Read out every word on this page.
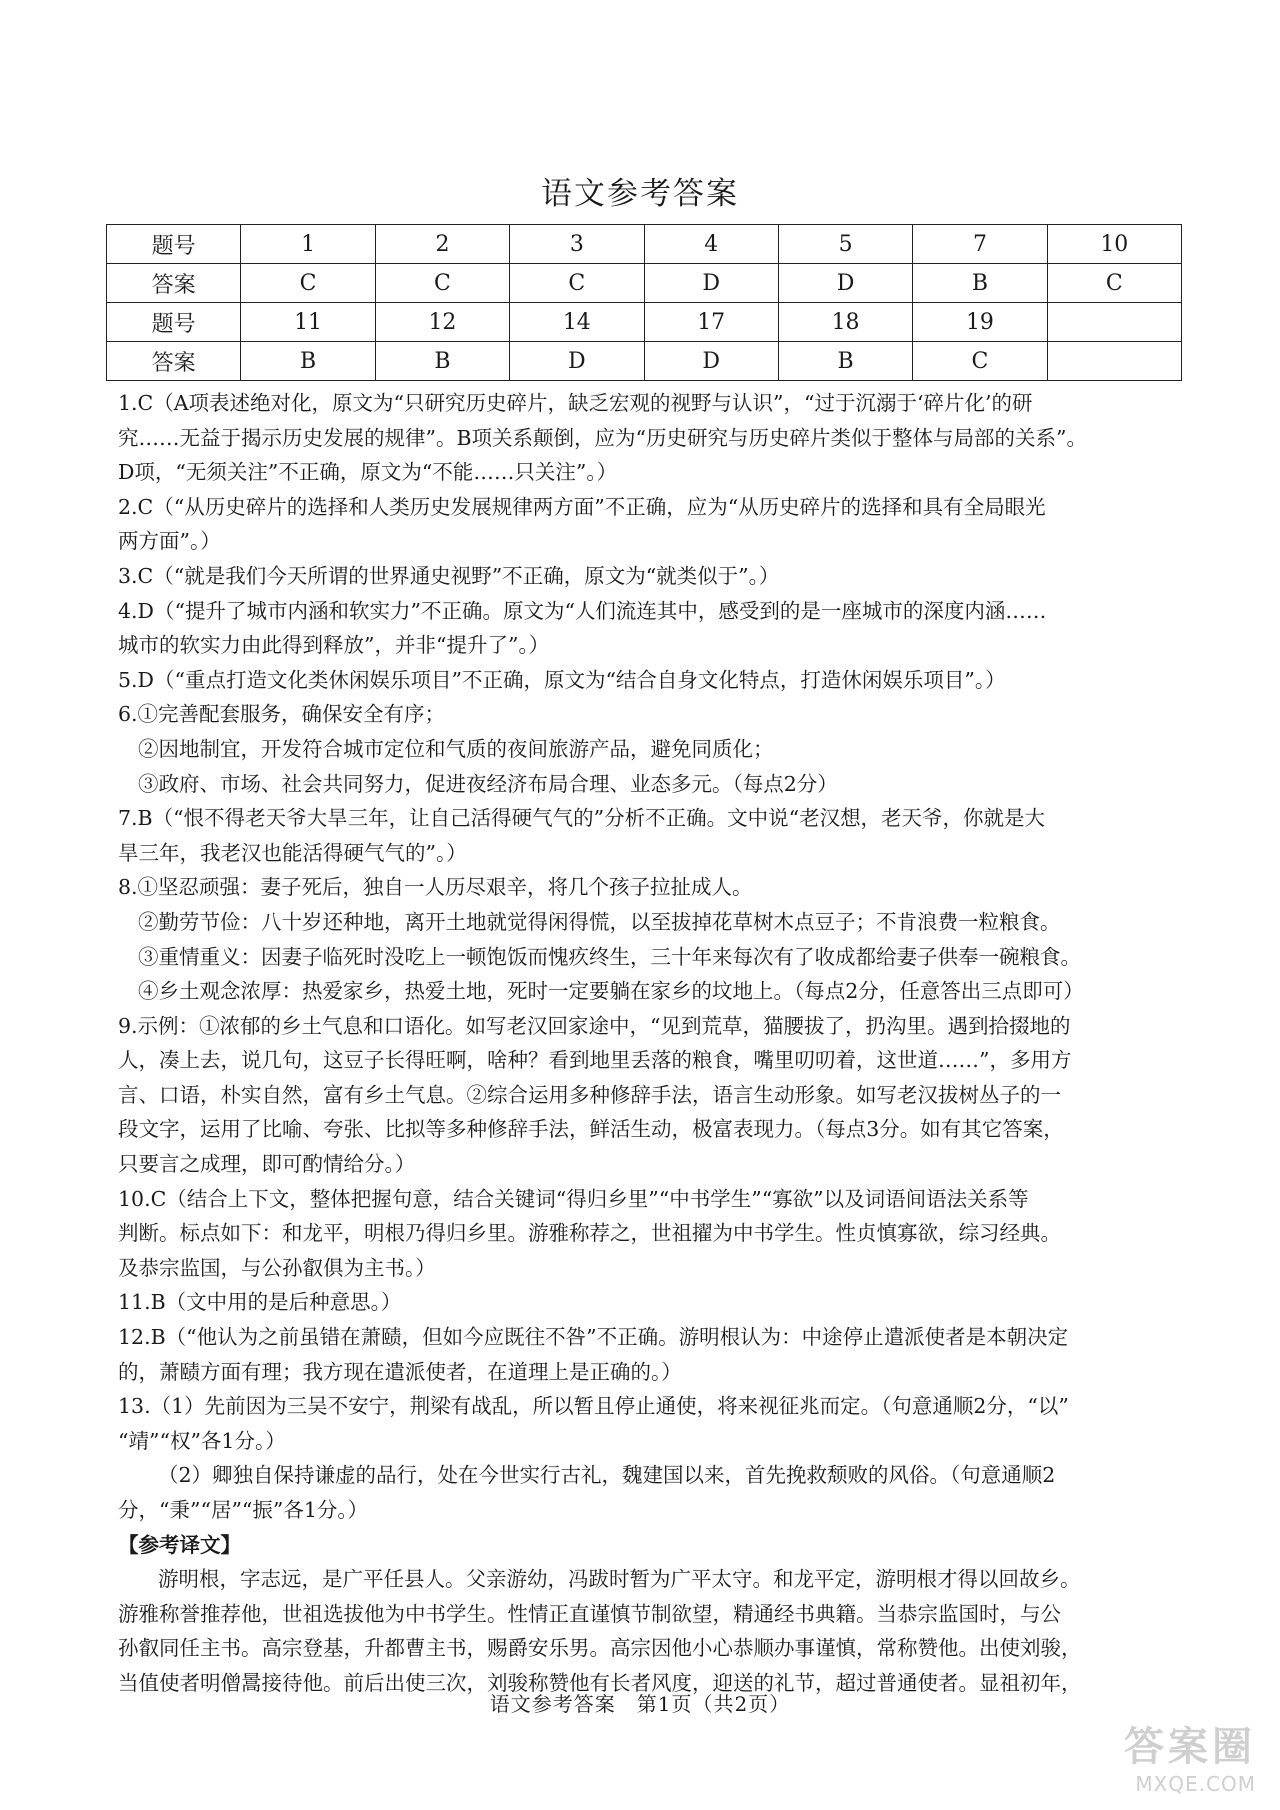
语文参考答案
题号	1	2	3	4	5	7	10
答案	C	C	C	D	D	B	C
题号	11	12	14	17	18	19	
答案	B	B	D	D	B	C	

1.C（A项表述绝对化，原文为“只研究历史碎片，缺乏宏观的视野与认识”，“过于沉溺于‘碎片化’的研

究……无益于揭示历史发展的规律”。B项关系颠倒，应为“历史研究与历史碎片类似于整体与局部的关系”。

D项，“无须关注”不正确，原文为“不能……只关注”。）

2.C（“从历史碎片的选择和人类历史发展规律两方面”不正确，应为“从历史碎片的选择和具有全局眼光

两方面”。）

3.C（“就是我们今天所谓的世界通史视野”不正确，原文为“就类似于”。）

4.D（“提升了城市内涵和软实力”不正确。原文为“人们流连其中，感受到的是一座城市的深度内涵……

城市的软实力由此得到释放”，并非“提升了”。）

5.D（“重点打造文化类休闲娱乐项目”不正确，原文为“结合自身文化特点，打造休闲娱乐项目”。）

6.①完善配套服务，确保安全有序；

②因地制宜，开发符合城市定位和气质的夜间旅游产品，避免同质化；

③政府、市场、社会共同努力，促进夜经济布局合理、业态多元。（每点2分）

7.B（“恨不得老天爷大旱三年，让自己活得硬气气的”分析不正确。文中说“老汉想，老天爷，你就是大

旱三年，我老汉也能活得硬气气的”。）

8.①坚忍顽强：妻子死后，独自一人历尽艰辛，将几个孩子拉扯成人。

②勤劳节俭：八十岁还种地，离开土地就觉得闲得慌，以至拔掉花草树木点豆子；不肯浪费一粒粮食。

③重情重义：因妻子临死时没吃上一顿饱饭而愧疚终生，三十年来每次有了收成都给妻子供奉一碗粮食。

④乡土观念浓厚：热爱家乡，热爱土地，死时一定要躺在家乡的坟地上。（每点2分，任意答出三点即可）

9.示例：①浓郁的乡土气息和口语化。如写老汉回家途中，“见到荒草，猫腰拔了，扔沟里。遇到拾掇地的

人，凑上去，说几句，这豆子长得旺啊，啥种？看到地里丢落的粮食，嘴里叨叨着，这世道……”，多用方

言、口语，朴实自然，富有乡土气息。②综合运用多种修辞手法，语言生动形象。如写老汉拔树丛子的一

段文字，运用了比喻、夸张、比拟等多种修辞手法，鲜活生动，极富表现力。（每点3分。如有其它答案，

只要言之成理，即可酌情给分。）

10.C（结合上下文，整体把握句意，结合关键词“得归乡里”“中书学生”“寡欲”以及词语间语法关系等

判断。标点如下：和龙平，明根乃得归乡里。游雅称荐之，世祖擢为中书学生。性贞慎寡欲，综习经典。

及恭宗监国，与公孙叡俱为主书。）

11.B（文中用的是后种意思。）

12.B（“他认为之前虽错在萧赜，但如今应既往不咎”不正确。游明根认为：中途停止遣派使者是本朝决定

的，萧赜方面有理；我方现在遣派使者，在道理上是正确的。）

13.（1）先前因为三吴不安宁，荆梁有战乱，所以暂且停止通使，将来视征兆而定。（句意通顺2分，“以”

“靖”“权”各1分。）

（2）卿独自保持谦虚的品行，处在今世实行古礼，魏建国以来，首先挽救颓败的风俗。（句意通顺2

分，“秉”“居”“振”各1分。）

【参考译文】

游明根，字志远，是广平任县人。父亲游幼，冯跋时暂为广平太守。和龙平定，游明根才得以回故乡。

游雅称誉推荐他，世祖选拔他为中书学生。性情正直谨慎节制欲望，精通经书典籍。当恭宗监国时，与公

孙叡同任主书。高宗登基，升都曹主书，赐爵安乐男。高宗因他小心恭顺办事谨慎，常称赞他。出使刘骏，

当值使者明僧暠接待他。前后出使三次，刘骏称赞他有长者风度，迎送的礼节，超过普通使者。显祖初年，

语文参考答案　第1页（共2页）
答案圈
MXQE.COM
